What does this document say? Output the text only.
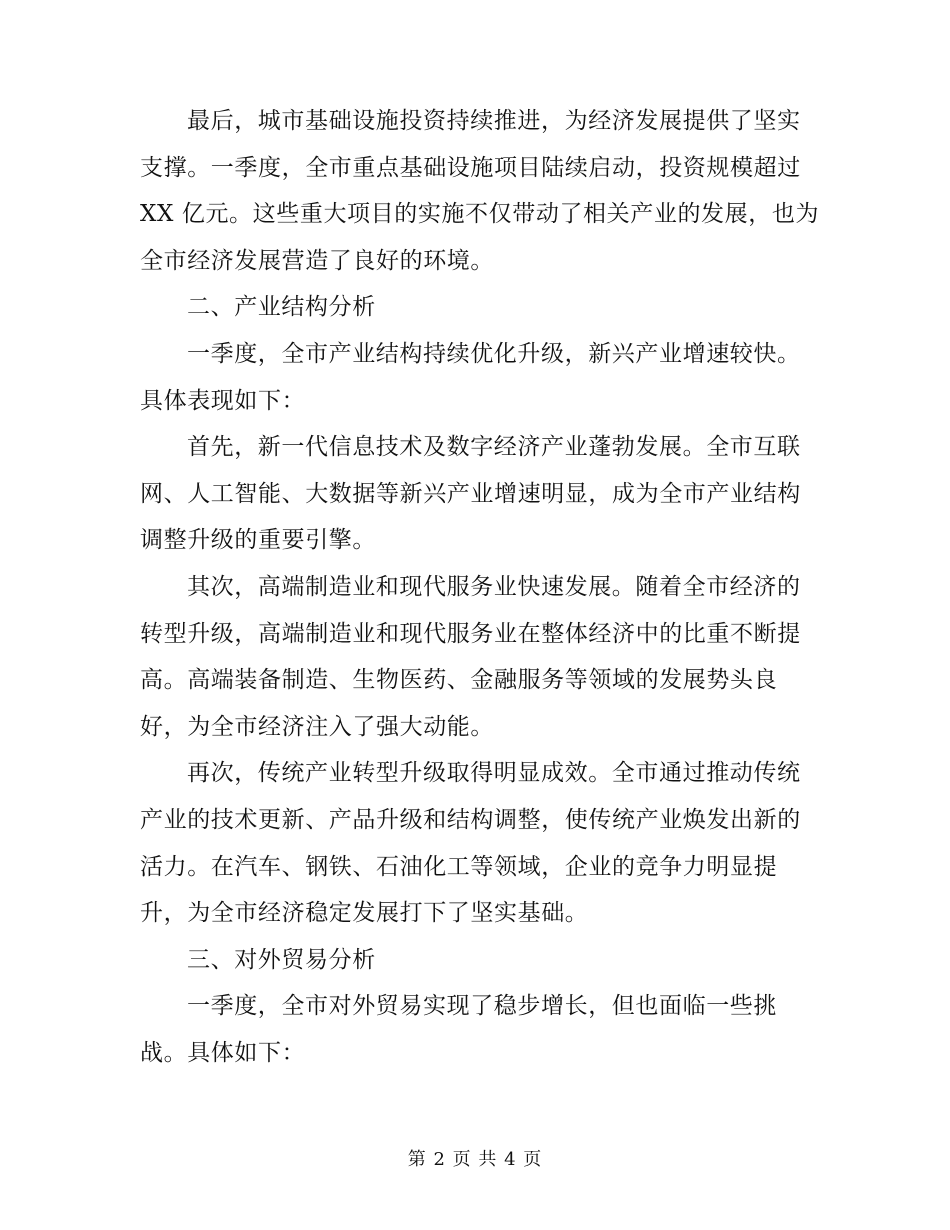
最后，城市基础设施投资持续推进，为经济发展提供了坚实
支撑。一季度，全市重点基础设施项目陆续启动，投资规模超过
XX 亿元。这些重大项目的实施不仅带动了相关产业的发展，也为
全市经济发展营造了良好的环境。
二、产业结构分析
一季度，全市产业结构持续优化升级，新兴产业增速较快。
具体表现如下：
首先，新一代信息技术及数字经济产业蓬勃发展。全市互联
网、人工智能、大数据等新兴产业增速明显，成为全市产业结构
调整升级的重要引擎。
其次，高端制造业和现代服务业快速发展。随着全市经济的
转型升级，高端制造业和现代服务业在整体经济中的比重不断提
高。高端装备制造、生物医药、金融服务等领域的发展势头良
好，为全市经济注入了强大动能。
再次，传统产业转型升级取得明显成效。全市通过推动传统
产业的技术更新、产品升级和结构调整，使传统产业焕发出新的
活力。在汽车、钢铁、石油化工等领域，企业的竞争力明显提
升，为全市经济稳定发展打下了坚实基础。
三、对外贸易分析
一季度，全市对外贸易实现了稳步增长，但也面临一些挑
战。具体如下：
第 2 页 共 4 页
